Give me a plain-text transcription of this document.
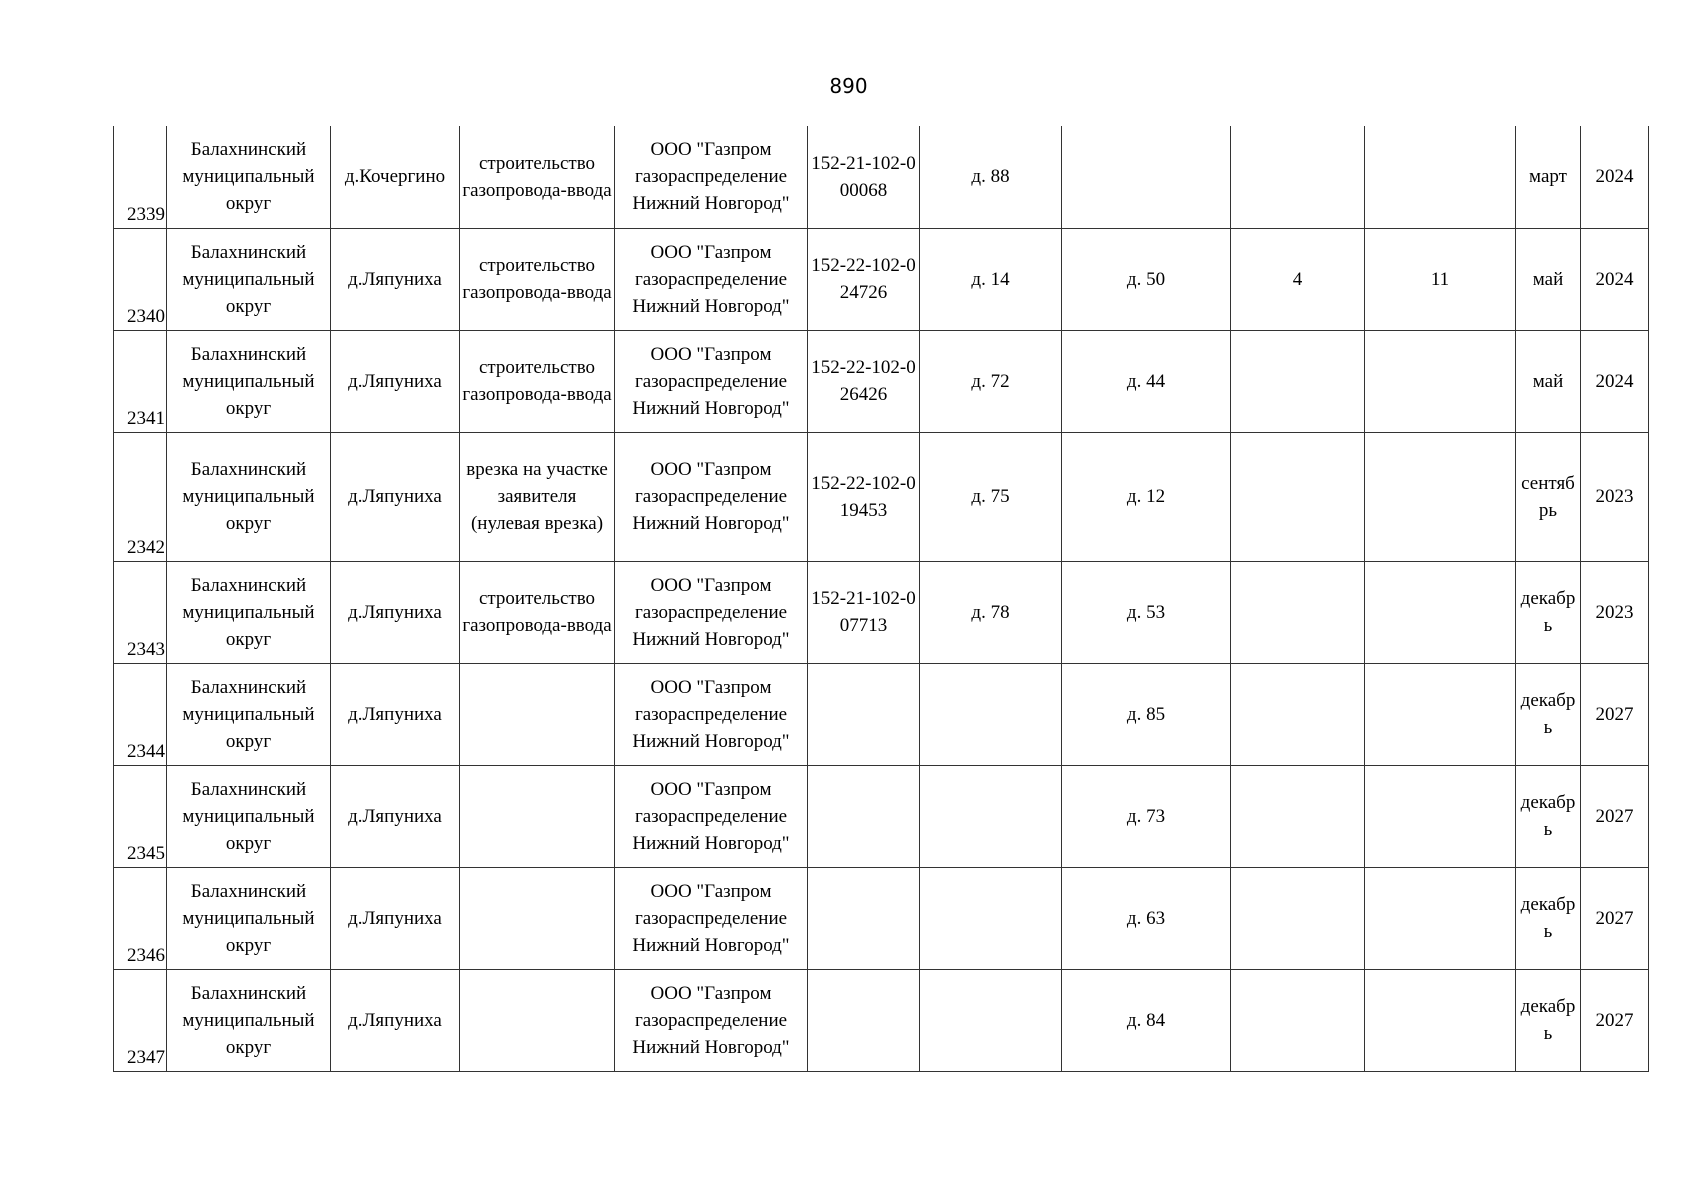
890
2339	Балахнинский муниципальный округ	д.Кочергино	строительство газопровода-ввода	ООО "Газпром газораспределение Нижний Новгород"	152-21-102-000068	д. 88				март	2024
2340	Балахнинский муниципальный округ	д.Ляпуниха	строительство газопровода-ввода	ООО "Газпром газораспределение Нижний Новгород"	152-22-102-024726	д. 14	д. 50	4	11	май	2024
2341	Балахнинский муниципальный округ	д.Ляпуниха	строительство газопровода-ввода	ООО "Газпром газораспределение Нижний Новгород"	152-22-102-026426	д. 72	д. 44			май	2024
2342	Балахнинский муниципальный округ	д.Ляпуниха	врезка на участке заявителя (нулевая врезка)	ООО "Газпром газораспределение Нижний Новгород"	152-22-102-019453	д. 75	д. 12			сентябрь	2023
2343	Балахнинский муниципальный округ	д.Ляпуниха	строительство газопровода-ввода	ООО "Газпром газораспределение Нижний Новгород"	152-21-102-007713	д. 78	д. 53			декабрь	2023
2344	Балахнинский муниципальный округ	д.Ляпуниха		ООО "Газпром газораспределение Нижний Новгород"			д. 85			декабрь	2027
2345	Балахнинский муниципальный округ	д.Ляпуниха		ООО "Газпром газораспределение Нижний Новгород"			д. 73			декабрь	2027
2346	Балахнинский муниципальный округ	д.Ляпуниха		ООО "Газпром газораспределение Нижний Новгород"			д. 63			декабрь	2027
2347	Балахнинский муниципальный округ	д.Ляпуниха		ООО "Газпром газораспределение Нижний Новгород"			д. 84			декабрь	2027
